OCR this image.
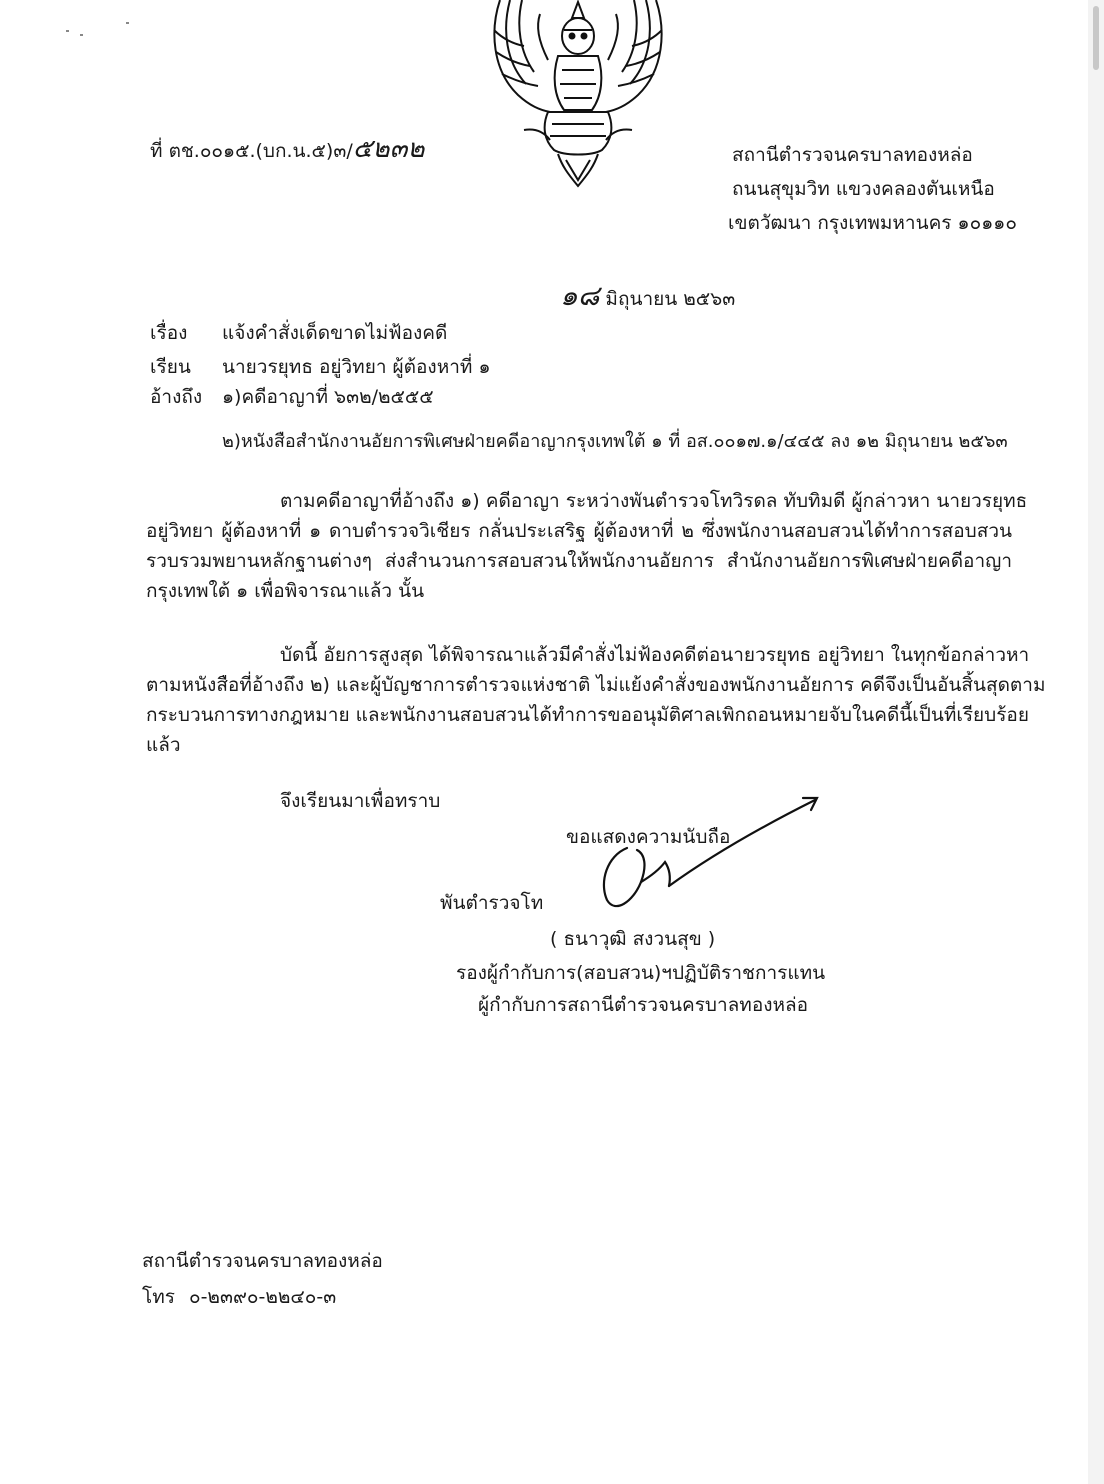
ที่ ตช.๐๐๑๕.(บก.น.๕)๓/๕๒๓๒	สถานีตำรวจนครบาลทองหล่อ
ถนนสุขุมวิท แขวงคลองตันเหนือ
เขตวัฒนา กรุงเทพมหานคร ๑๐๑๑๐
๑๘ มิถุนายน ๒๕๖๓
เรื่อง แจ้งคำสั่งเด็ดขาดไม่ฟ้องคดี
เรียน นายวรยุทธ อยู่วิทยา ผู้ต้องหาที่ ๑
อ้างถึง ๑)คดีอาญาที่ ๖๓๒/๒๕๕๕
๒)หนังสือสำนักงานอัยการพิเศษฝ่ายคดีอาญากรุงเทพใต้ ๑ ที่ อส.๐๐๑๗.๑/๔๔๕ ลง ๑๒ มิถุนายน ๒๕๖๓
ตามคดีอาญาที่อ้างถึง ๑) คดีอาญา ระหว่างพันตำรวจโทวิรดล ทับทิมดี ผู้กล่าวหา นายวรยุทธ
อยู่วิทยา ผู้ต้องหาที่ ๑ ดาบตำรวจวิเชียร กลั่นประเสริฐ ผู้ต้องหาที่ ๒ ซึ่งพนักงานสอบสวนได้ทำการสอบสวน
รวบรวมพยานหลักฐานต่างๆ ส่งสำนวนการสอบสวนให้พนักงานอัยการ สำนักงานอัยการพิเศษฝ่ายคดีอาญา
กรุงเทพใต้ ๑ เพื่อพิจารณาแล้ว นั้น
บัดนี้ อัยการสูงสุด ได้พิจารณาแล้วมีคำสั่งไม่ฟ้องคดีต่อนายวรยุทธ อยู่วิทยา ในทุกข้อกล่าวหา
ตามหนังสือที่อ้างถึง ๒) และผู้บัญชาการตำรวจแห่งชาติ ไม่แย้งคำสั่งของพนักงานอัยการ คดีจึงเป็นอันสิ้นสุดตาม
กระบวนการทางกฎหมาย และพนักงานสอบสวนได้ทำการขออนุมัติศาลเพิกถอนหมายจับในคดีนี้เป็นที่เรียบร้อย
แล้ว
จึงเรียนมาเพื่อทราบ
ขอแสดงความนับถือ
พันตำรวจโท
( ธนาวุฒิ สงวนสุข )
รองผู้กำกับการ(สอบสวน)ฯปฏิบัติราชการแทน
ผู้กำกับการสถานีตำรวจนครบาลทองหล่อ
สถานีตำรวจนครบาลทองหล่อ
โทร ๐-๒๓๙๐-๒๒๔๐-๓
